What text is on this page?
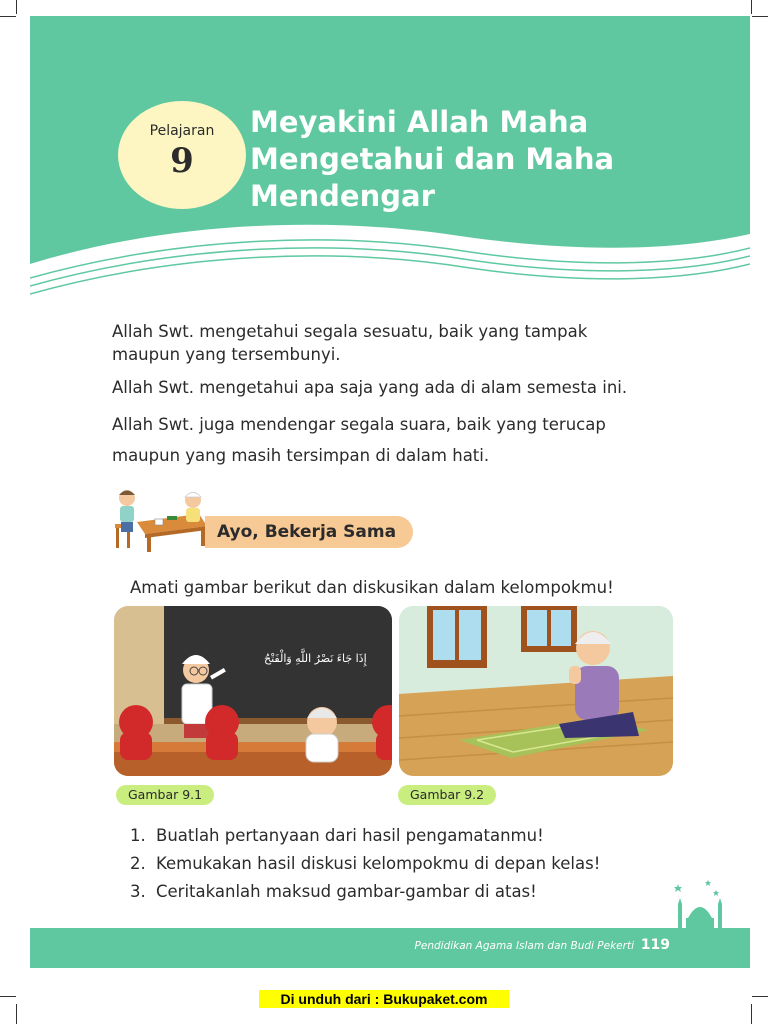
Pelajaran
9
Meyakini Allah Maha
Mengetahui dan Maha
Mendengar

Allah Swt. mengetahui segala sesuatu, baik yang tampak
maupun yang tersembunyi.

Allah Swt. mengetahui apa saja yang ada di alam semesta ini.

Allah Swt. juga mendengar segala suara, baik yang terucap
maupun yang masih tersimpan di dalam hati.

Ayo, Bekerja Sama
Amati gambar berikut dan diskusikan dalam kelompokmu!
إِذَا جَاءَ نَصْرُ اللَّهِ وَالْفَتْحُ
Gambar 9.1	Gambar 9.2
1. Buatlah pertanyaan dari hasil pengamatanmu!
2. Kemukakan hasil diskusi kelompokmu di depan kelas!
3. Ceritakanlah maksud gambar-gambar di atas!
Pendidikan Agama Islam dan Budi Pekerti 119
Di unduh dari : Bukupaket.com
